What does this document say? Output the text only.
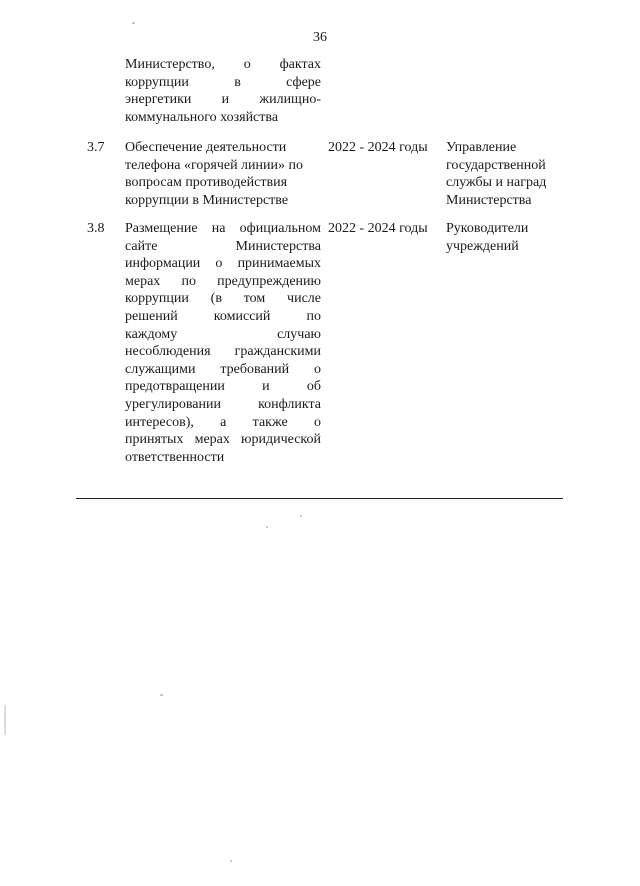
36
Министерство, о фактах
коррупции в сфере
энергетики и жилищно-
коммунального хозяйства
3.7 Обеспечение деятельности
телефона «горячей линии» по
вопросам противодействия
коррупции в Министерстве
2022 - 2024 годы	Управление
государственной
службы и наград
Министерства
3.8 Размещение на официальном
сайте Министерства
информации о принимаемых
мерах по предупреждению
коррупции (в том числе
решений комиссий по
каждому случаю
несоблюдения гражданскими
служащими требований о
предотвращении и об
урегулировании конфликта
интересов), а также о
принятых мерах юридической
ответственности
2022 - 2024 годы	Руководители
учреждений
